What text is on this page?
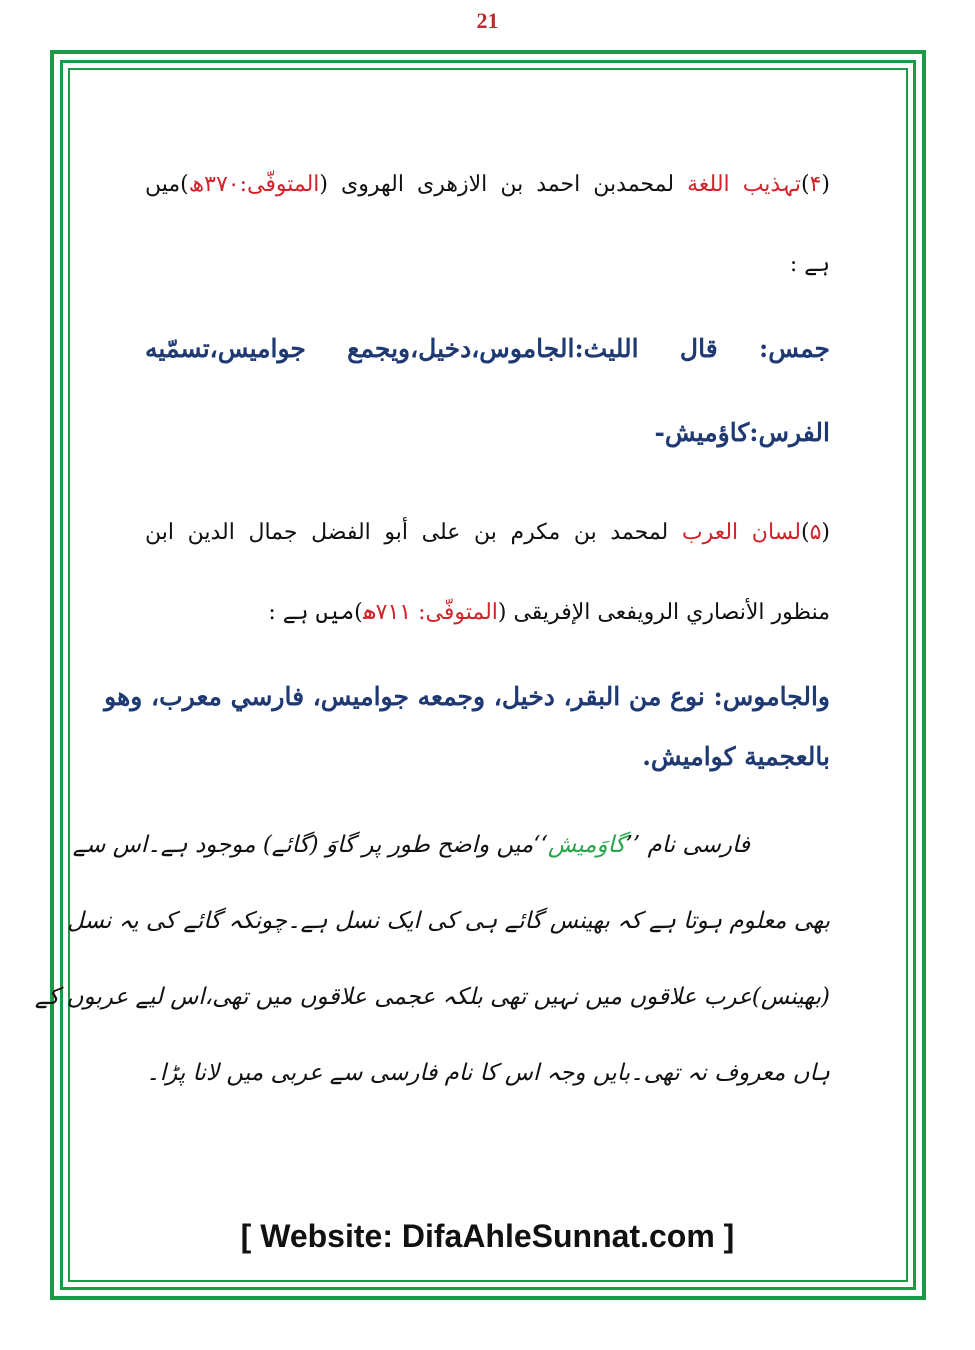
21
(۴)تہذیب اللغة لمحمدبن احمد بن الازهری الهروی (المتوفّی:۳۷۰ھ)میں
ہے :
جمس: قال الليث:الجاموس،دخيل،ويجمع جواميس،تسمّيه
الفرس:كاؤميش-
(۵)لسان العرب لمحمد بن مكرم بن على أبو الفضل جمال الدين ابن
منظور الأنصاري الرويفعى الإفريقى (المتوفّى: ۷۱۱ھ)میں ہے :
والجاموس: نوع من البقر، دخيل، وجمعه جواميس، فارسي معرب، وهو
بالعجمية كواميش.
فارسی نام ’’گاوَمیش‘‘میں واضح طور پر گاوَ (گائے) موجود ہے۔اس سے
بھی معلوم ہوتا ہے کہ بھینس گائے ہی کی ایک نسل ہے۔چونکہ گائے کی یہ نسل
(بھینس)عرب علاقوں میں نہیں تھی بلکہ عجمی علاقوں میں تھی،اس لیے عربوں کے
ہاں معروف نہ تھی۔بایں وجہ اس کا نام فارسی سے عربی میں لانا پڑا۔
[ Website: DifaAhleSunnat.com ]
